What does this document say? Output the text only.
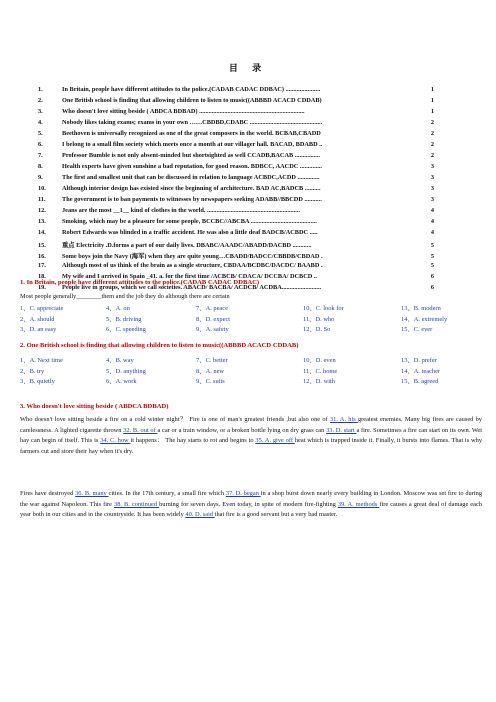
目 录
1.	In Britain, people have different attitudes to the police.(CADAB CADAC DDBAC) ......................	1
2.	One British school is finding that allowing children to listen to music((ABBBD ACACD CDDAB)	1
3.	Who doesn't love sitting beside ( ABDCA BDBAD) ...................................................................	1
4.	Nobody likes taking exams; exams in your own ……CBDBD,CDABC ..............................................	2
5.	Beethoven is universally recognized as one of the great composers in the world. BCBAB,CBADD	2
6.	I belong to a small film society which meets once a month at our villager hall. BACAD, BDABD ..	2
7.	Professor Bumble is not only absent-minded but shortsighted as well CCADB,BACAB ................	2
8.	Health experts have given sunshine a bad reputation, for good reason. BDBCC, AACDC ..............	3
9.	The first and smallest unit that can be discussed in relation to language ACBDC,ACDD ..............	3
10.	Although interior design has existed since the beginning of architecture. BAD AC,BADCB ..........	3
11.	The government is to ban payments to witnesses by newspapers seeking ADABB//BBCDD ...........	3
12.	Jeans are the most __1__ kind of clothes in the world. ...........................................................	4
13.	Smoking, which may be a pleasure for some people, BCCBC//ABCBA ..........................................	4
14.	Robert Edwards was blinded in a traffic accident. He was also a little deaf BADCB/ACBDC .....	4
15.	重点 Electricity .D.forms a part of our daily lives. DBABC/AAADC/ABADD/DACBD ............	5
16.	Some boys join the Navy (海军) when they are quite young…CBADD/BADCC/CBBDB/CBDAD .	5
17.	Although most of us think of the brain as a single structure, CBDAA/BCDBC/DACDC/ BAABD .	5
18.	My wife and I arrived in Spain _41. a. for the first time /ACBCB/ CDACA/ DCCBA/ DCBCD ..	6
19.	People live in groups, which we call societies. ABACD/ BACBA/ ACDCB/ ACDBA.........................	6
1. In Britain, people have different attitudes to the police.(CADAB CADAC DDBAC)
Most people generally________them and the job they do although there are certain
1、C. appreciate	4、A. on	7、A. peace	10、C. look for	13、B. modern
2、A. should	5、B. driving	8、D. expect	11、D. who	14、A. extremely
3、D. an easy	6、C. speeding	9、A. safety	12、D. So	15、C. ever
2. One British school is finding that allowing children to listen to music((ABBBD ACACD CDDAB)
1、A. Next time	4、B. way	7、C. better	10、D. even	13、D. prefer
2、B. try	5、D. anything	8、A. new	11、C. home	14、A. teacher
3、B. quietly	6、A. work	9、C. suits	12、D. with	15、B. agreed
3. Who doesn't love sitting beside ( ABDCA BDBAD)
Who doesn't love sitting beside a fire on a cold winter night？ Fire is one of man's greatest friends ,but also one of 31. A. his greatest enemies. Many big fires are caused by carelessness. A lighted cigarette thrown 32. B. out of a car or a train window, or a broken bottle lying on dry grass can 33. D. start a fire. Sometimes a fire can start on its own. Wet hay can begin of itself. This is 34. C. how it happens： The hay starts to rot and begins to 35. A. give off heat which is trapped inside it. Finally, it bursts into flames. That is why farmers cut and store their hay when it's dry.
Fires have destroyed 36. B. many cities. In the 17th century, a small fire which 37. D. began in a shop burst down nearly every building in London. Moscow was set fire to during the war against Napoleon. This fire 38. B. continued burning for seven days. Even today, in spite of modern fire-fighting 39. A. methods fire causes a great deal of damage each year both in our cities and in the countryside. It has been widely 40. D. said that fire is a good servant but a very bad master.
